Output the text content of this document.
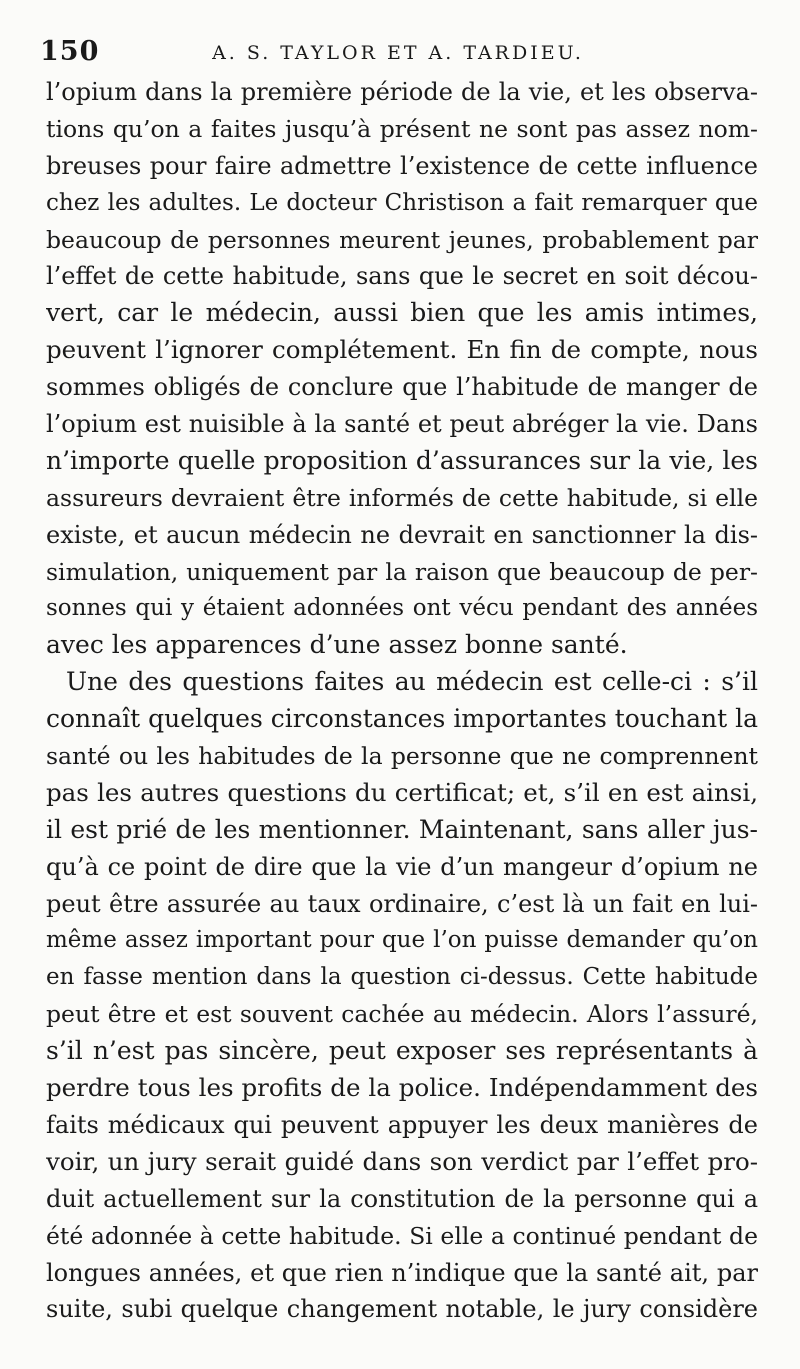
150	A. S. TAYLOR ET A. TARDIEU.
l’opium dans la première période de la vie, et les observa-
tions qu’on a faites jusqu’à présent ne sont pas assez nom-
breuses pour faire admettre l’existence de cette influence
chez les adultes. Le docteur Christison a fait remarquer que
beaucoup de personnes meurent jeunes, probablement par
l’effet de cette habitude, sans que le secret en soit décou-
vert, car le médecin, aussi bien que les amis intimes,
peuvent l’ignorer complétement. En fin de compte, nous
sommes obligés de conclure que l’habitude de manger de
l’opium est nuisible à la santé et peut abréger la vie. Dans
n’importe quelle proposition d’assurances sur la vie, les
assureurs devraient être informés de cette habitude, si elle
existe, et aucun médecin ne devrait en sanctionner la dis-
simulation, uniquement par la raison que beaucoup de per-
sonnes qui y étaient adonnées ont vécu pendant des années
avec les apparences d’une assez bonne santé.
Une des questions faites au médecin est celle-ci : s’il
connaît quelques circonstances importantes touchant la
santé ou les habitudes de la personne que ne comprennent
pas les autres questions du certificat; et, s’il en est ainsi,
il est prié de les mentionner. Maintenant, sans aller jus-
qu’à ce point de dire que la vie d’un mangeur d’opium ne
peut être assurée au taux ordinaire, c’est là un fait en lui-
même assez important pour que l’on puisse demander qu’on
en fasse mention dans la question ci-dessus. Cette habitude
peut être et est souvent cachée au médecin. Alors l’assuré,
s’il n’est pas sincère, peut exposer ses représentants à
perdre tous les profits de la police. Indépendamment des
faits médicaux qui peuvent appuyer les deux manières de
voir, un jury serait guidé dans son verdict par l’effet pro-
duit actuellement sur la constitution de la personne qui a
été adonnée à cette habitude. Si elle a continué pendant de
longues années, et que rien n’indique que la santé ait, par
suite, subi quelque changement notable, le jury considère
